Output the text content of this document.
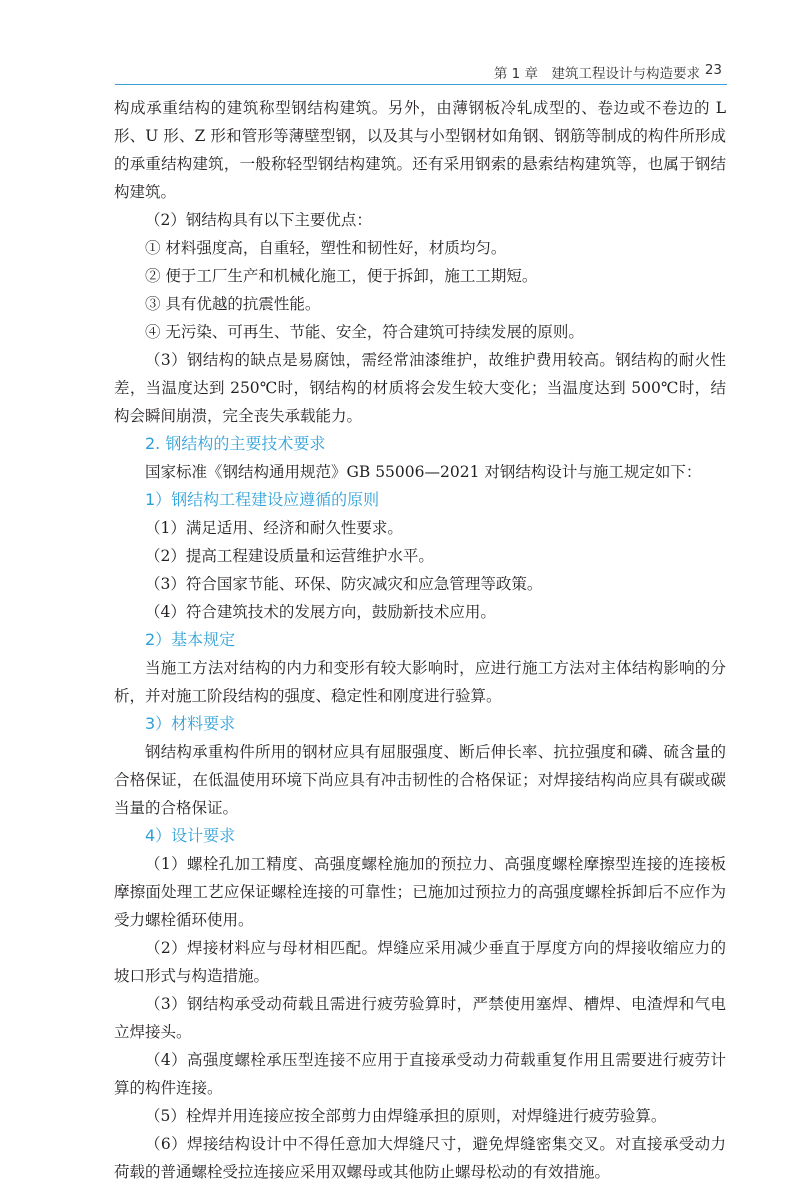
第 1 章　建筑工程设计与构造要求 23

构成承重结构的建筑称型钢结构建筑。另外，由薄钢板冷轧成型的、卷边或不卷边的 L 形、U 形、Z 形和管形等薄壁型钢，以及其与小型钢材如角钢、钢筋等制成的构件所形成的承重结构建筑，一般称轻型钢结构建筑。还有采用钢索的悬索结构建筑等，也属于钢结构建筑。

（2）钢结构具有以下主要优点：

① 材料强度高，自重轻，塑性和韧性好，材质均匀。

② 便于工厂生产和机械化施工，便于拆卸，施工工期短。

③ 具有优越的抗震性能。

④ 无污染、可再生、节能、安全，符合建筑可持续发展的原则。

（3）钢结构的缺点是易腐蚀，需经常油漆维护，故维护费用较高。钢结构的耐火性差，当温度达到 250℃时，钢结构的材质将会发生较大变化；当温度达到 500℃时，结构会瞬间崩溃，完全丧失承载能力。

2. 钢结构的主要技术要求

国家标准《钢结构通用规范》GB 55006—2021 对钢结构设计与施工规定如下：

1）钢结构工程建设应遵循的原则

（1）满足适用、经济和耐久性要求。

（2）提高工程建设质量和运营维护水平。

（3）符合国家节能、环保、防灾减灾和应急管理等政策。

（4）符合建筑技术的发展方向，鼓励新技术应用。

2）基本规定

当施工方法对结构的内力和变形有较大影响时，应进行施工方法对主体结构影响的分析，并对施工阶段结构的强度、稳定性和刚度进行验算。

3）材料要求

钢结构承重构件所用的钢材应具有屈服强度、断后伸长率、抗拉强度和磷、硫含量的合格保证，在低温使用环境下尚应具有冲击韧性的合格保证；对焊接结构尚应具有碳或碳当量的合格保证。

4）设计要求

（1）螺栓孔加工精度、高强度螺栓施加的预拉力、高强度螺栓摩擦型连接的连接板摩擦面处理工艺应保证螺栓连接的可靠性；已施加过预拉力的高强度螺栓拆卸后不应作为受力螺栓循环使用。

（2）焊接材料应与母材相匹配。焊缝应采用减少垂直于厚度方向的焊接收缩应力的坡口形式与构造措施。

（3）钢结构承受动荷载且需进行疲劳验算时，严禁使用塞焊、槽焊、电渣焊和气电立焊接头。

（4）高强度螺栓承压型连接不应用于直接承受动力荷载重复作用且需要进行疲劳计算的构件连接。

（5）栓焊并用连接应按全部剪力由焊缝承担的原则，对焊缝进行疲劳验算。

（6）焊接结构设计中不得任意加大焊缝尺寸，避免焊缝密集交叉。对直接承受动力荷载的普通螺栓受拉连接应采用双螺母或其他防止螺母松动的有效措施。
